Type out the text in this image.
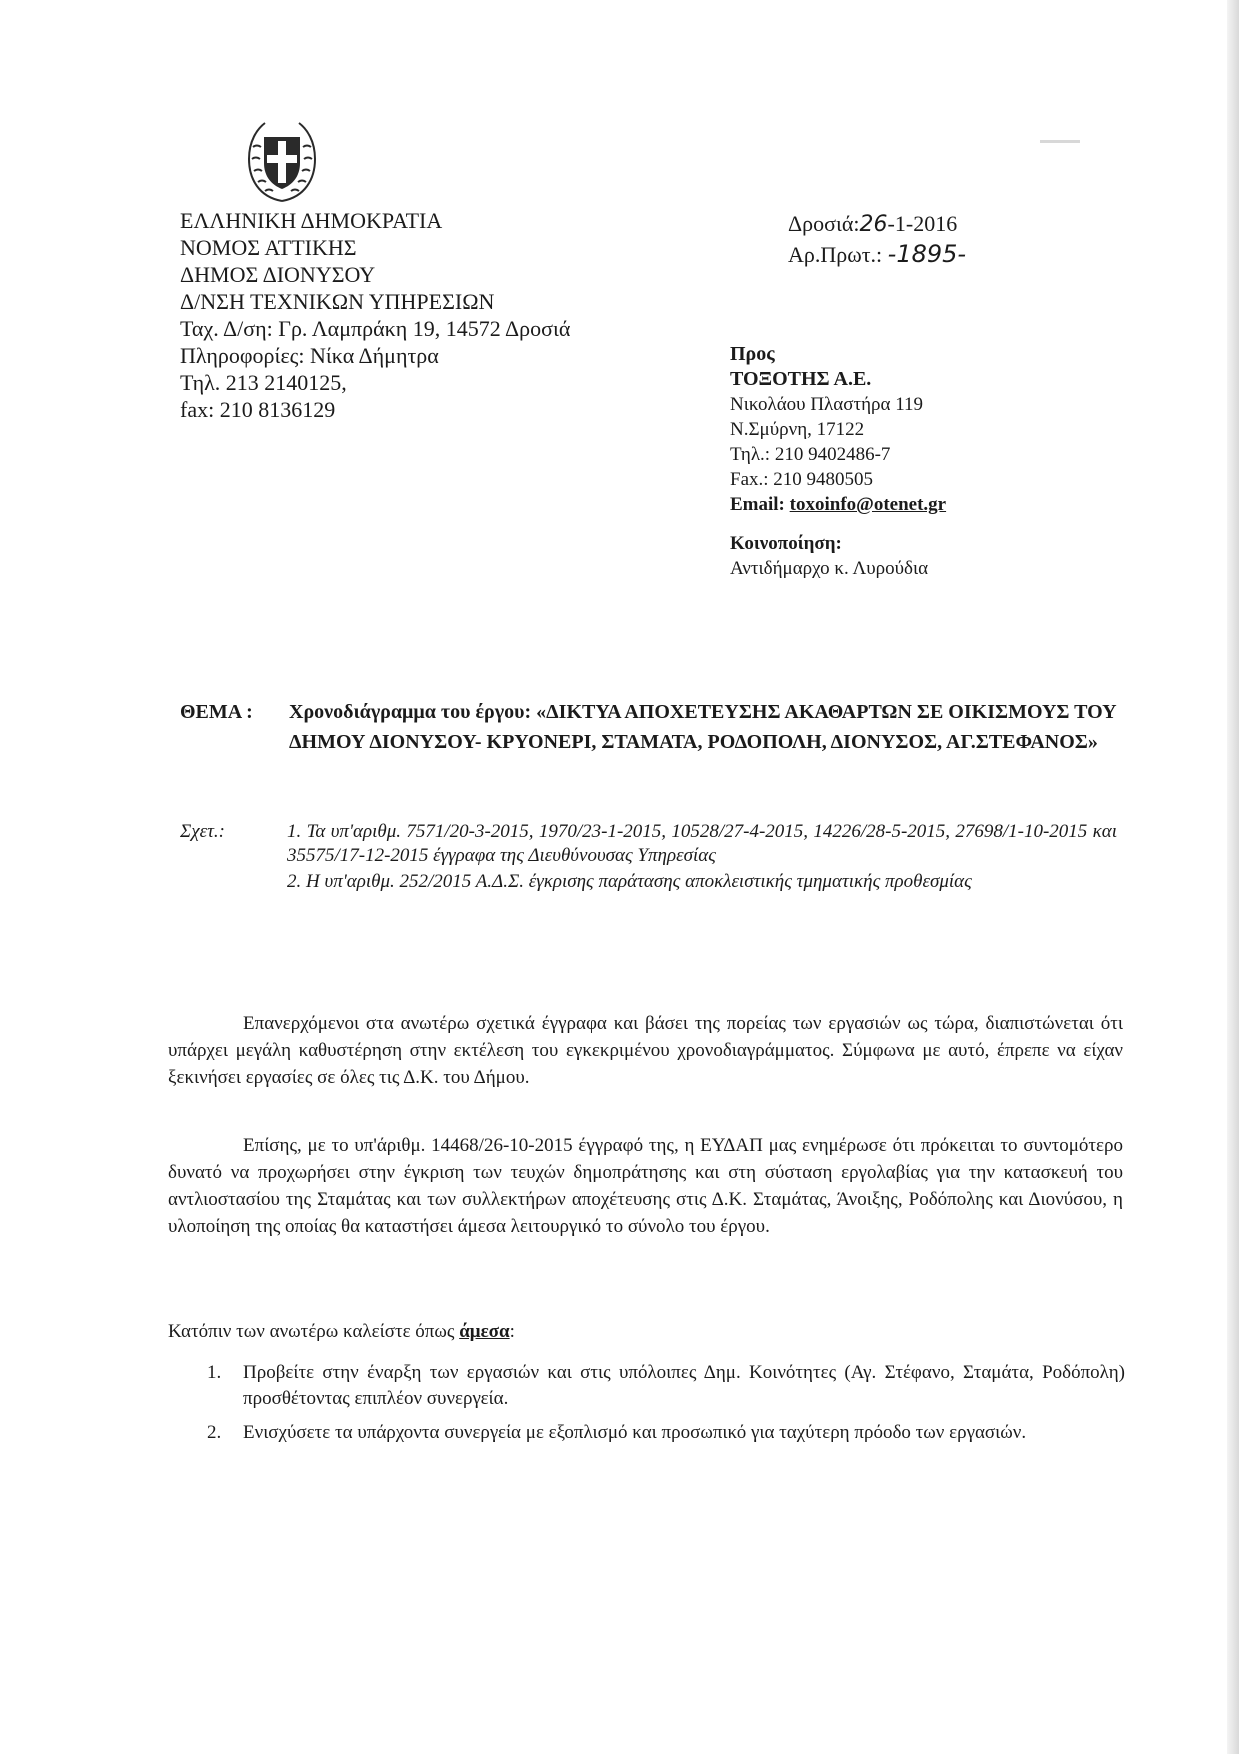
ΕΛΛΗΝΙΚΗ ΔΗΜΟΚΡΑΤΙΑ
ΝΟΜΟΣ ΑΤΤΙΚΗΣ
ΔΗΜΟΣ ΔΙΟΝΥΣΟΥ
Δ/ΝΣΗ ΤΕΧΝΙΚΩΝ ΥΠΗΡΕΣΙΩΝ
Ταχ. Δ/ση: Γρ. Λαμπράκη 19, 14572 Δροσιά
Πληροφορίες: Νίκα Δήμητρα
Τηλ. 213 2140125,
fax: 210 8136129
Δροσιά:26-1-2016
Αρ.Πρωτ.: -1895-
Προς
ΤΟΞΟΤΗΣ Α.Ε.
Νικολάου Πλαστήρα 119
Ν.Σμύρνη, 17122
Τηλ.: 210 9402486-7
Fax.: 210 9480505
Email: toxoinfo@otenet.gr
Κοινοποίηση:
Αντιδήμαρχο κ. Λυρούδια
ΘΕΜΑ : Χρονοδιάγραμμα του έργου: «ΔΙΚΤΥΑ ΑΠΟΧΕΤΕΥΣΗΣ ΑΚΑΘΑΡΤΩΝ ΣΕ ΟΙΚΙΣΜΟΥΣ ΤΟΥ ΔΗΜΟΥ ΔΙΟΝΥΣΟΥ- ΚΡΥΟΝΕΡΙ, ΣΤΑΜΑΤΑ, ΡΟΔΟΠΟΛΗ, ΔΙΟΝΥΣΟΣ, ΑΓ.ΣΤΕΦΑΝΟΣ»
Σχετ.:	1. Τα υπ'αριθμ. 7571/20-3-2015, 1970/23-1-2015, 10528/27-4-2015, 14226/28-5-2015, 27698/1-10-2015 και 35575/17-12-2015 έγγραφα της Διευθύνουσας Υπηρεσίας

2. Η υπ'αριθμ. 252/2015 Α.Δ.Σ. έγκρισης παράτασης αποκλειστικής τμηματικής προθεσμίας

Επανερχόμενοι στα ανωτέρω σχετικά έγγραφα και βάσει της πορείας των εργασιών ως τώρα, διαπιστώνεται ότι υπάρχει μεγάλη καθυστέρηση στην εκτέλεση του εγκεκριμένου χρονοδιαγράμματος. Σύμφωνα με αυτό, έπρεπε να είχαν ξεκινήσει εργασίες σε όλες τις Δ.Κ. του Δήμου.
Επίσης, με το υπ'άριθμ. 14468/26-10-2015 έγγραφό της, η ΕΥΔΑΠ μας ενημέρωσε ότι πρόκειται το συντομότερο δυνατό να προχωρήσει στην έγκριση των τευχών δημοπράτησης και στη σύσταση εργολαβίας για την κατασκευή του αντλιοστασίου της Σταμάτας και των συλλεκτήρων αποχέτευσης στις Δ.Κ. Σταμάτας, Άνοιξης, Ροδόπολης και Διονύσου, η υλοποίηση της οποίας θα καταστήσει άμεσα λειτουργικό το σύνολο του έργου.
Κατόπιν των ανωτέρω καλείστε όπως άμεσα:
1. Προβείτε στην έναρξη των εργασιών και στις υπόλοιπες Δημ. Κοινότητες (Αγ. Στέφανο, Σταμάτα, Ροδόπολη) προσθέτοντας επιπλέον συνεργεία.
2. Ενισχύσετε τα υπάρχοντα συνεργεία με εξοπλισμό και προσωπικό για ταχύτερη πρόοδο των εργασιών.
